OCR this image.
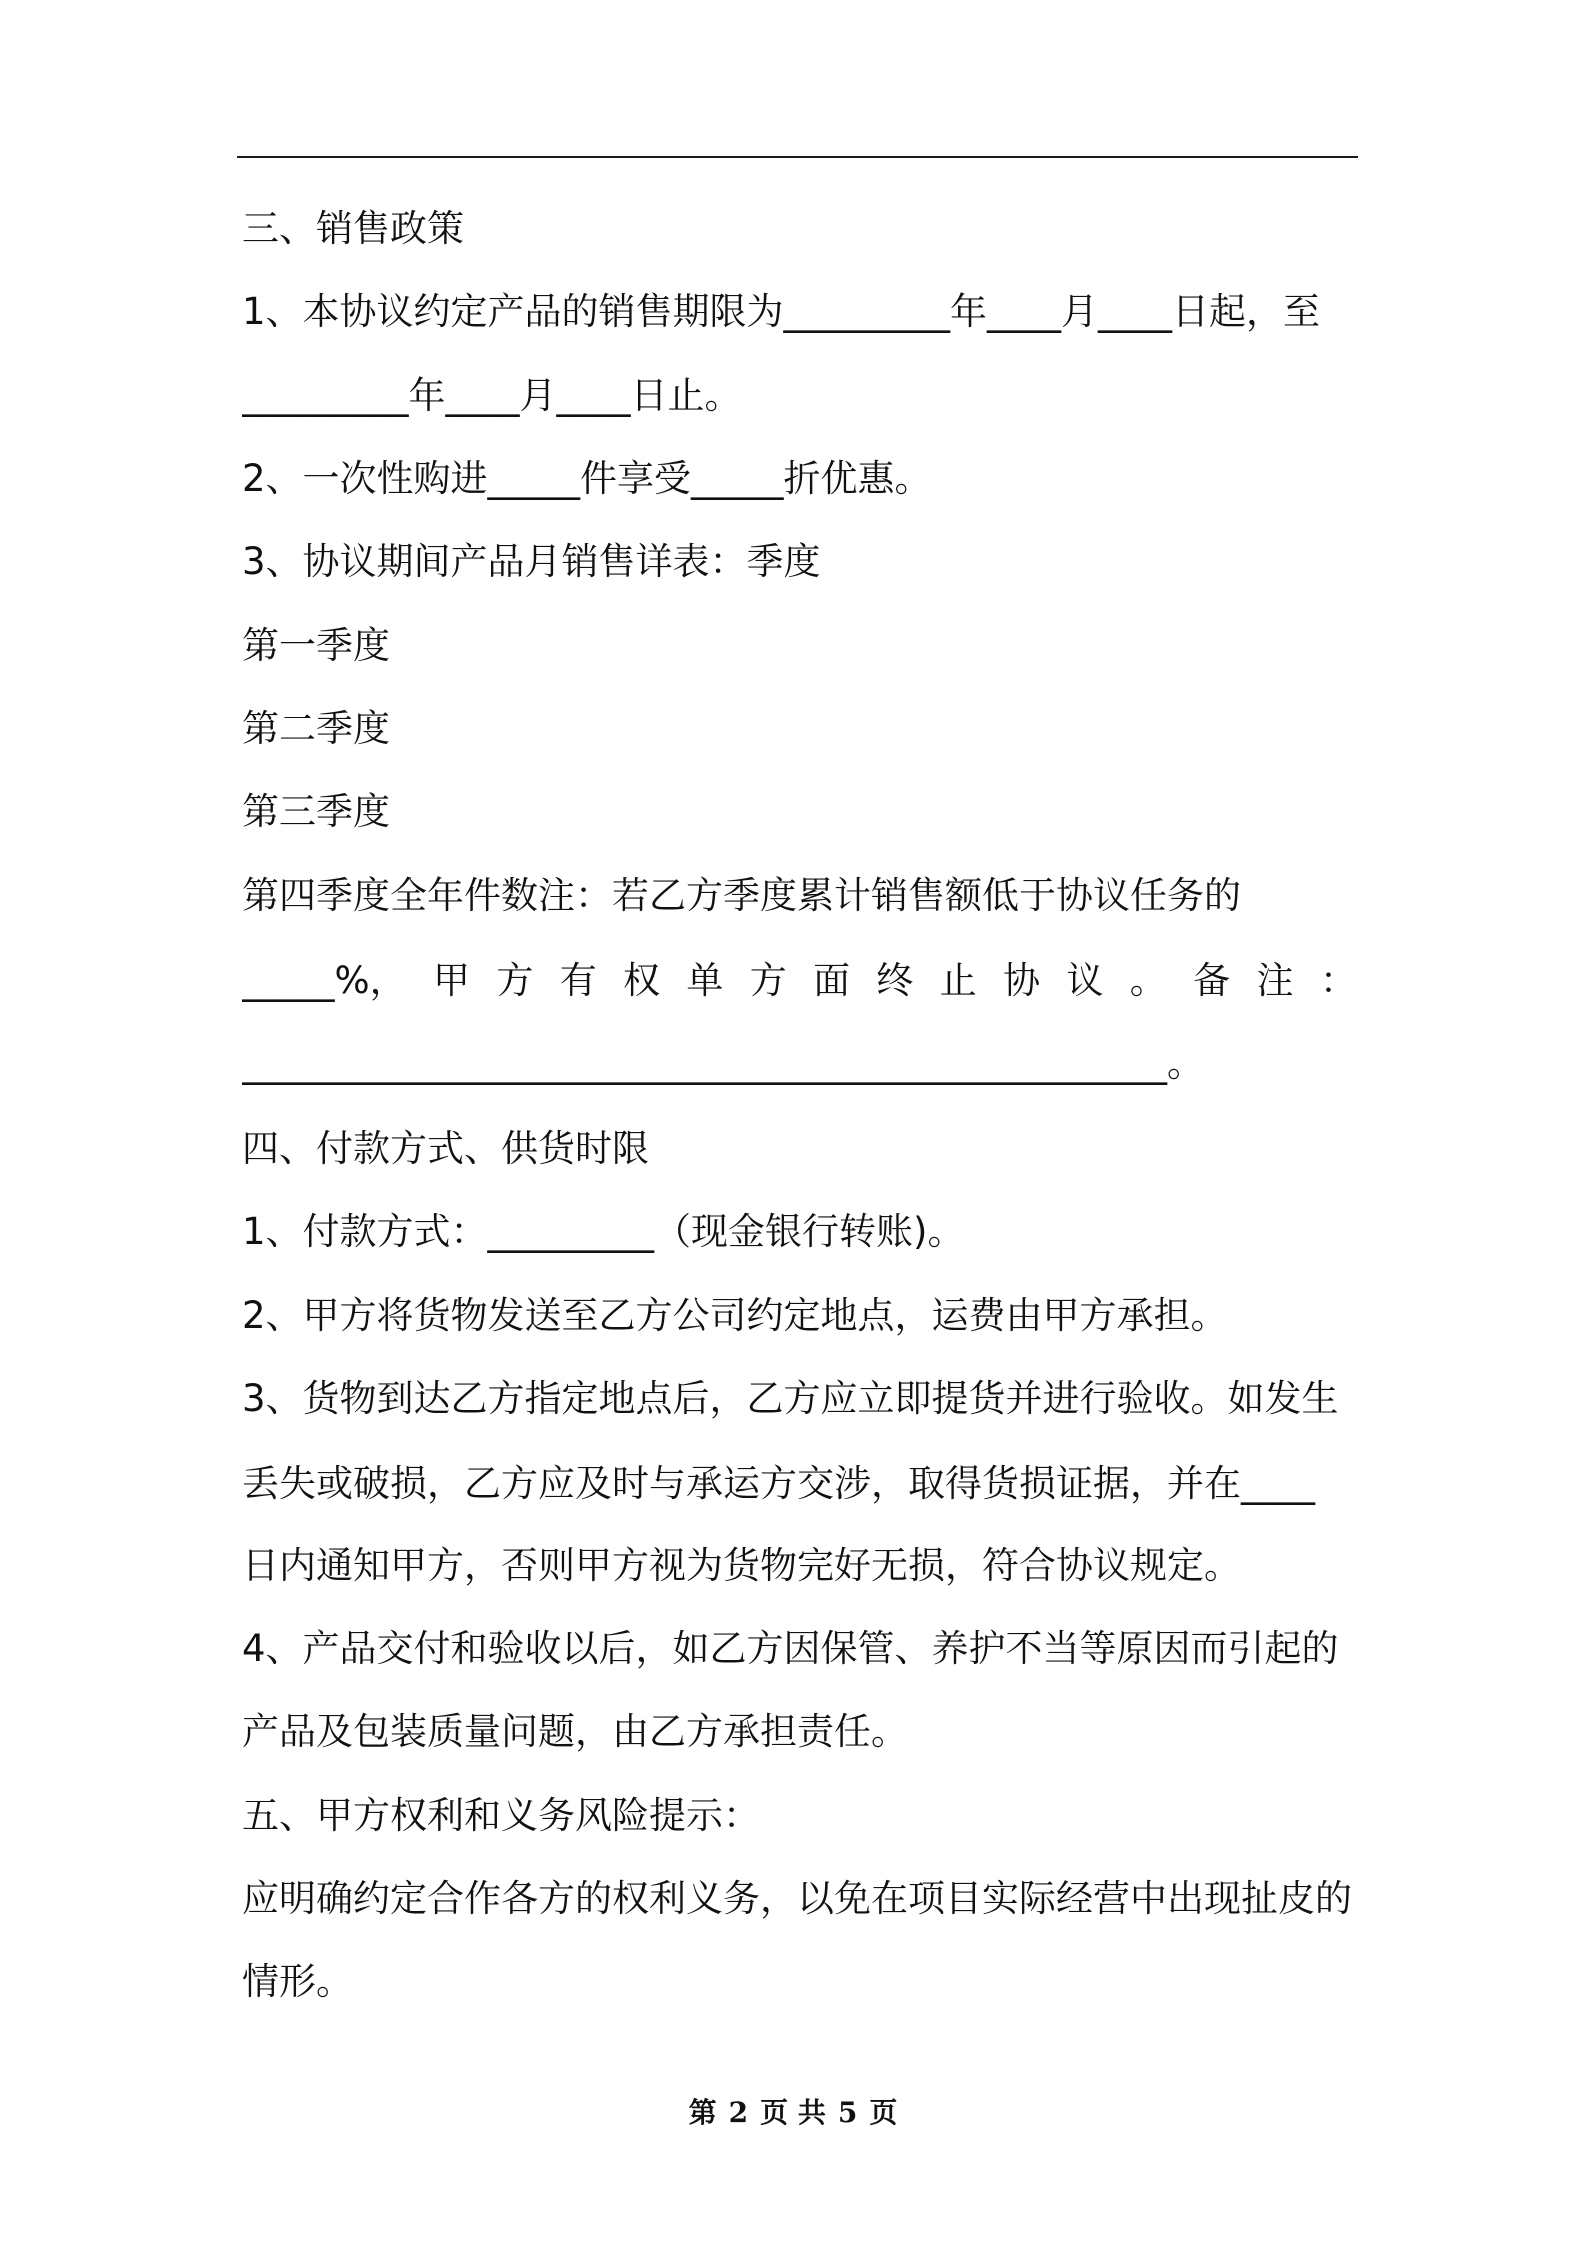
三、销售政策
1、本协议约定产品的销售期限为_________年____月____日起，至
_________年____月____日止。
2、一次性购进_____件享受_____折优惠。
3、协议期间产品月销售详表：季度
第一季度
第二季度
第三季度
第四季度全年件数注：若乙方季度累计销售额低于协议任务的
_____%， 甲 方 有 权 单 方 面 终 止 协 议 。 备 注 ：
__________________________________________________。
四、付款方式、供货时限
1、付款方式：_________（现金银行转账)。
2、甲方将货物发送至乙方公司约定地点，运费由甲方承担。
3、货物到达乙方指定地点后，乙方应立即提货并进行验收。如发生
丢失或破损，乙方应及时与承运方交涉，取得货损证据，并在____
日内通知甲方，否则甲方视为货物完好无损，符合协议规定。
4、产品交付和验收以后，如乙方因保管、养护不当等原因而引起的
产品及包装质量问题，由乙方承担责任。
五、甲方权利和义务风险提示：
应明确约定合作各方的权利义务，以免在项目实际经营中出现扯皮的
情形。
第 2 页 共 5 页
